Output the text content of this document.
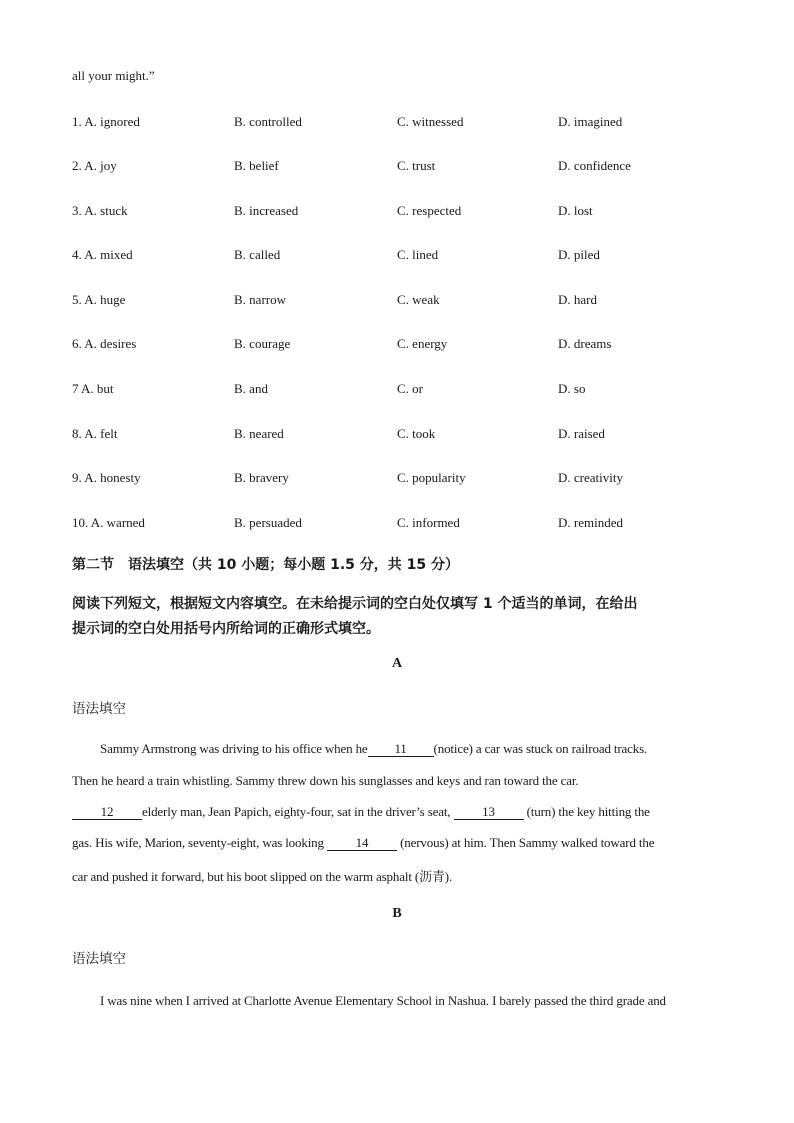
all your might.”
1. A. ignored	B. controlled	C. witnessed	D. imagined
2. A. joy	B. belief	C. trust	D. confidence
3. A. stuck	B. increased	C. respected	D. lost
4. A. mixed	B. called	C. lined	D. piled
5. A. huge	B. narrow	C. weak	D. hard
6. A. desires	B. courage	C. energy	D. dreams
7 A. but	B. and	C. or	D. so
8. A. felt	B. neared	C. took	D. raised
9. A. honesty	B. bravery	C. popularity	D. creativity
10. A. warned	B. persuaded	C. informed	D. reminded
第二节　语法填空（共 10 小题；每小题 1.5 分，共 15 分）
阅读下列短文，根据短文内容填空。在未给提示词的空白处仅填写 1 个适当的单词，在给出
提示词的空白处用括号内所给词的正确形式填空。
A
语法填空
Sammy Armstrong was driving to his office when he 11 (notice) a car was stuck on railroad tracks.
Then he heard a train whistling. Sammy threw down his sunglasses and keys and ran toward the car.
12 elderly man, Jean Papich, eighty-four, sat in the driver’s seat, 13 (turn) the key hitting the
gas. His wife, Marion, seventy-eight, was looking 14 (nervous) at him. Then Sammy walked toward the
car and pushed it forward, but his boot slipped on the warm asphalt (沥青).
B
语法填空
I was nine when I arrived at Charlotte Avenue Elementary School in Nashua. I barely passed the third grade and
